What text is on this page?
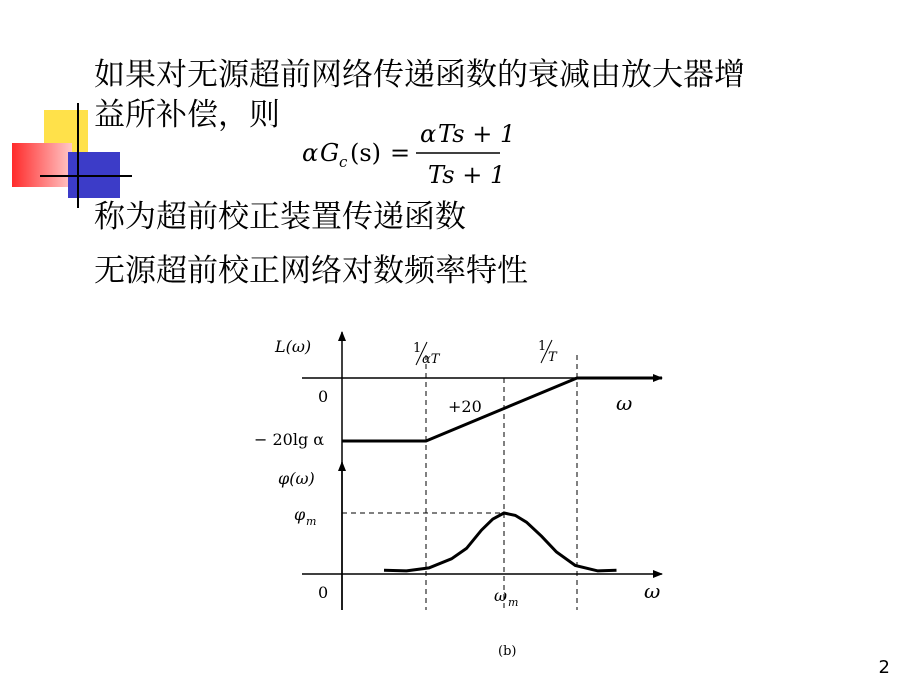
如果对无源超前网络传递函数的衰减由放大器增
益所补偿，则
α G c (s) =
α Ts + 1
Ts + 1
称为超前校正装置传递函数
无源超前校正网络对数频率特性
L(ω)
0
− 20lg α
1
αT
1
T
+20	ω
φ(ω)
φ m
0	ω m	ω
(b)
2
